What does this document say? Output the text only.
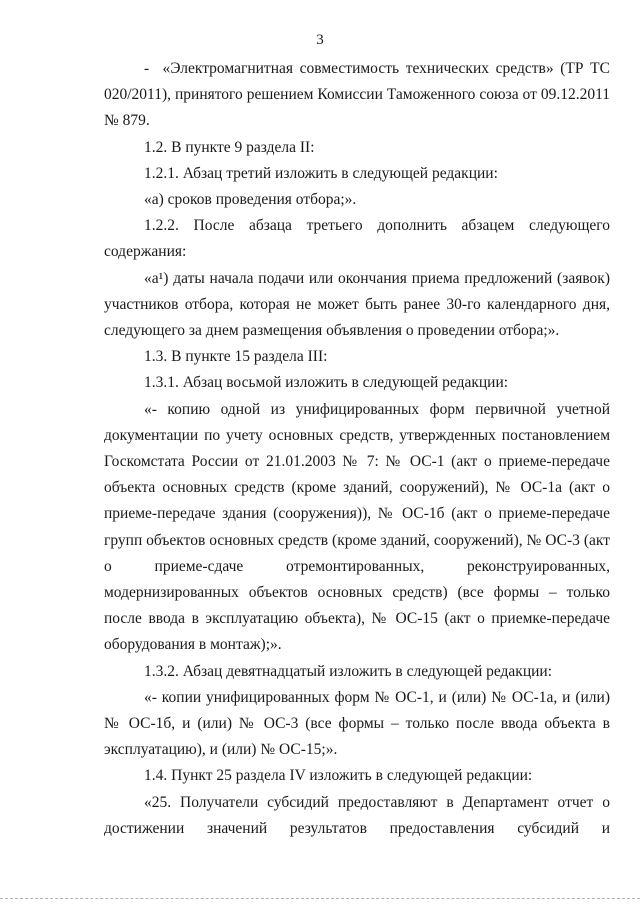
3

-  «Электромагнитная совместимость технических средств» (ТР ТС 020/2011), принятого решением Комиссии Таможенного союза от 09.12.2011 № 879.

1.2. В пункте 9 раздела II:

1.2.1. Абзац третий изложить в следующей редакции:

«а) сроков проведения отбора;».

1.2.2. После абзаца третьего дополнить абзацем следующего содержания:

«а¹) даты начала подачи или окончания приема предложений (заявок) участников отбора, которая не может быть ранее 30-го календарного дня, следующего за днем размещения объявления о проведении отбора;».

1.3. В пункте 15 раздела III:

1.3.1. Абзац восьмой изложить в следующей редакции:

«- копию одной из унифицированных форм первичной учетной документации по учету основных средств, утвержденных постановлением Госкомстата России от 21.01.2003 № 7: № ОС-1 (акт о приеме-передаче объекта основных средств (кроме зданий, сооружений), № ОС-1а (акт о приеме-передаче здания (сооружения)), № ОС-1б (акт о приеме-передаче групп объектов основных средств (кроме зданий, сооружений), № ОС-3 (акт о приеме-сдаче отремонтированных, реконструированных, модернизированных объектов основных средств) (все формы – только после ввода в эксплуатацию объекта), № ОС-15 (акт о приемке-передаче оборудования в монтаж);».

1.3.2. Абзац девятнадцатый изложить в следующей редакции:

«- копии унифицированных форм № ОС-1, и (или) № ОС-1а, и (или) № ОС-1б, и (или) № ОС-3 (все формы – только после ввода объекта в эксплуатацию), и (или) № ОС-15;».

1.4. Пункт 25 раздела IV изложить в следующей редакции:

«25. Получатели субсидий предоставляют в Департамент отчет о достижении значений результатов предоставления субсидий и
